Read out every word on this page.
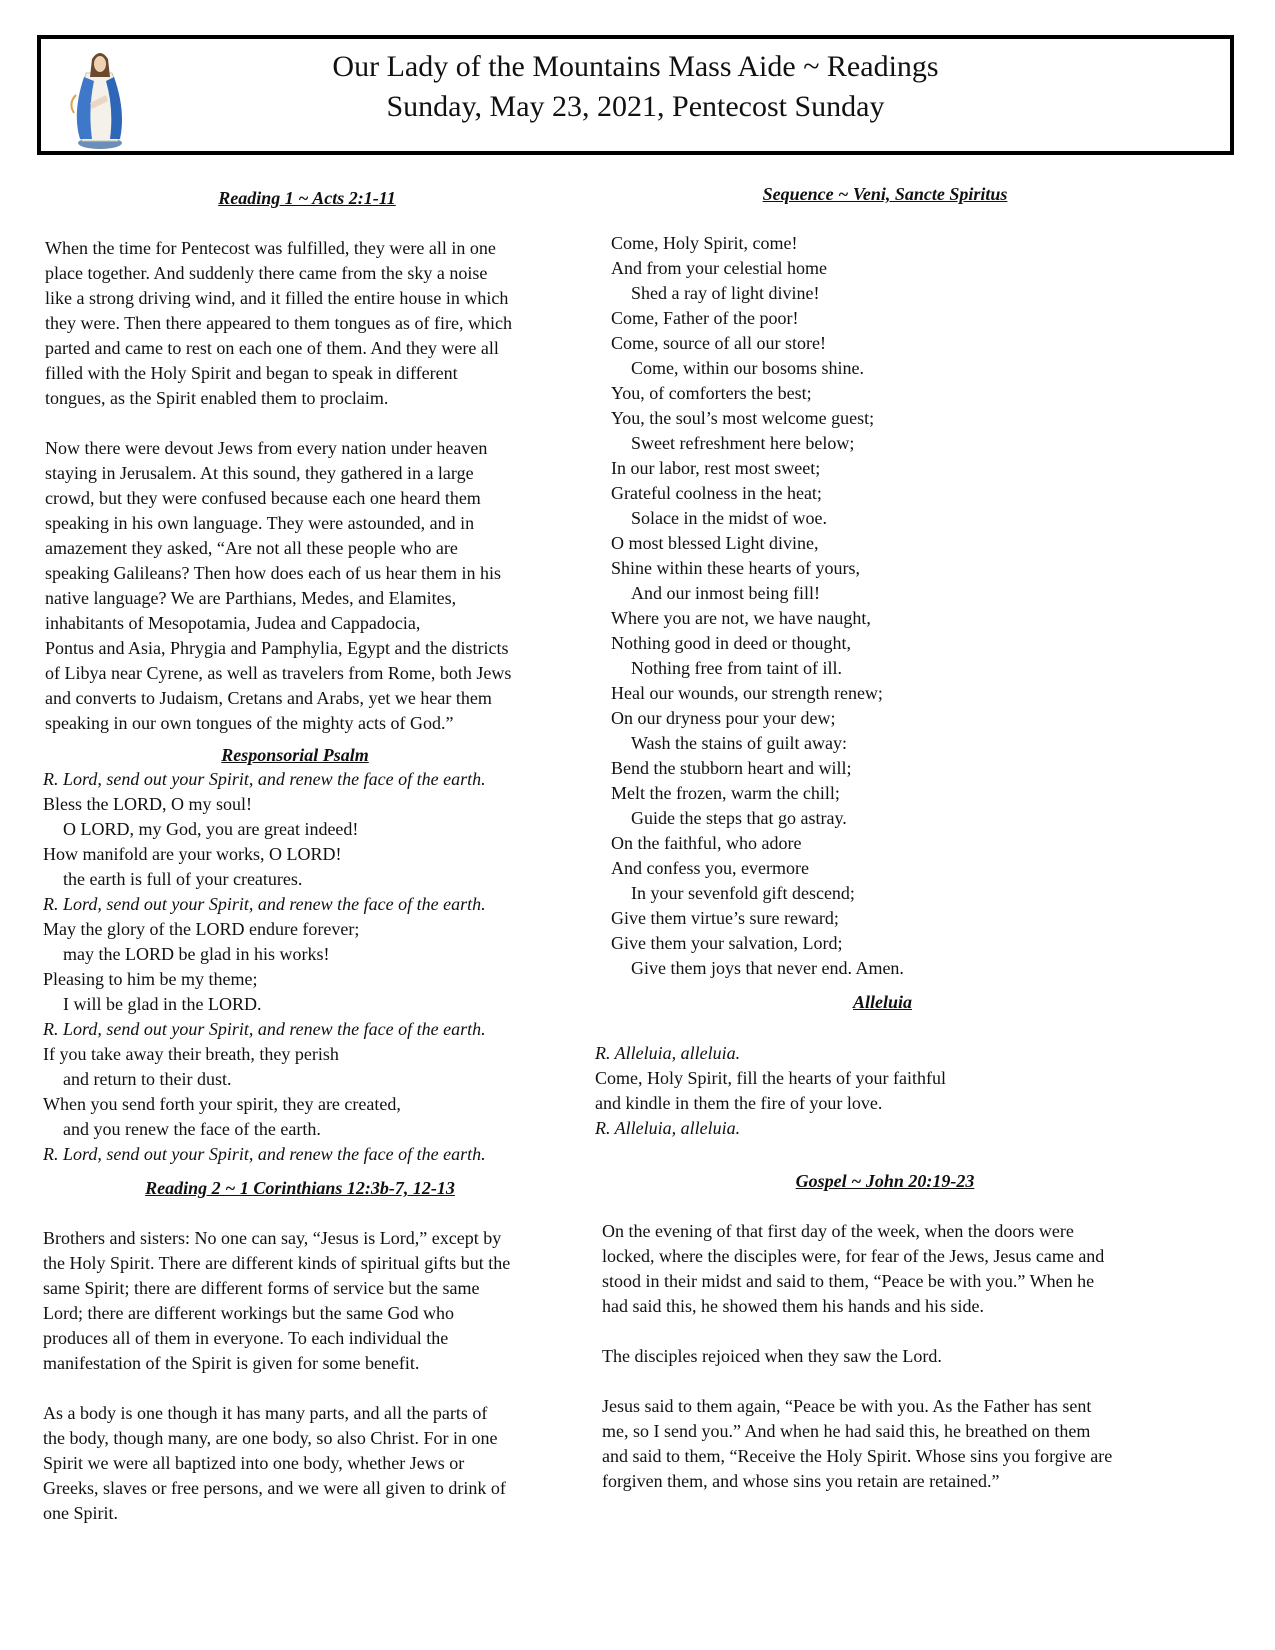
Our Lady of the Mountains Mass Aide ~ Readings
Sunday, May 23, 2021, Pentecost Sunday
Reading 1 ~ Acts 2:1-11
When the time for Pentecost was fulfilled, they were all in one
place together. And suddenly there came from the sky a noise
like a strong driving wind, and it filled the entire house in which
they were. Then there appeared to them tongues as of fire, which
parted and came to rest on each one of them. And they were all
filled with the Holy Spirit and began to speak in different
tongues, as the Spirit enabled them to proclaim.
Now there were devout Jews from every nation under heaven
staying in Jerusalem. At this sound, they gathered in a large
crowd, but they were confused because each one heard them
speaking in his own language. They were astounded, and in
amazement they asked, “Are not all these people who are
speaking Galileans? Then how does each of us hear them in his
native language? We are Parthians, Medes, and Elamites,
inhabitants of Mesopotamia, Judea and Cappadocia,
Pontus and Asia, Phrygia and Pamphylia, Egypt and the districts
of Libya near Cyrene, as well as travelers from Rome, both Jews
and converts to Judaism, Cretans and Arabs, yet we hear them
speaking in our own tongues of the mighty acts of God.”
Responsorial Psalm
R. Lord, send out your Spirit, and renew the face of the earth.
Bless the LORD, O my soul!
O LORD, my God, you are great indeed!
How manifold are your works, O LORD!
the earth is full of your creatures.
R. Lord, send out your Spirit, and renew the face of the earth.
May the glory of the LORD endure forever;
may the LORD be glad in his works!
Pleasing to him be my theme;
I will be glad in the LORD.
R. Lord, send out your Spirit, and renew the face of the earth.
If you take away their breath, they perish
and return to their dust.
When you send forth your spirit, they are created,
and you renew the face of the earth.
R. Lord, send out your Spirit, and renew the face of the earth.
Reading 2 ~ 1 Corinthians 12:3b-7, 12-13
Brothers and sisters: No one can say, “Jesus is Lord,” except by
the Holy Spirit. There are different kinds of spiritual gifts but the
same Spirit; there are different forms of service but the same
Lord; there are different workings but the same God who
produces all of them in everyone. To each individual the
manifestation of the Spirit is given for some benefit.
As a body is one though it has many parts, and all the parts of
the body, though many, are one body, so also Christ. For in one
Spirit we were all baptized into one body, whether Jews or
Greeks, slaves or free persons, and we were all given to drink of
one Spirit.
Sequence ~ Veni, Sancte Spiritus
Come, Holy Spirit, come!
And from your celestial home
Shed a ray of light divine!
Come, Father of the poor!
Come, source of all our store!
Come, within our bosoms shine.
You, of comforters the best;
You, the soul’s most welcome guest;
Sweet refreshment here below;
In our labor, rest most sweet;
Grateful coolness in the heat;
Solace in the midst of woe.
O most blessed Light divine,
Shine within these hearts of yours,
And our inmost being fill!
Where you are not, we have naught,
Nothing good in deed or thought,
Nothing free from taint of ill.
Heal our wounds, our strength renew;
On our dryness pour your dew;
Wash the stains of guilt away:
Bend the stubborn heart and will;
Melt the frozen, warm the chill;
Guide the steps that go astray.
On the faithful, who adore
And confess you, evermore
In your sevenfold gift descend;
Give them virtue’s sure reward;
Give them your salvation, Lord;
Give them joys that never end. Amen.
Alleluia
R. Alleluia, alleluia.
Come, Holy Spirit, fill the hearts of your faithful
and kindle in them the fire of your love.
R. Alleluia, alleluia.
Gospel ~ John 20:19-23
On the evening of that first day of the week, when the doors were
locked, where the disciples were, for fear of the Jews, Jesus came and
stood in their midst and said to them, “Peace be with you.” When he
had said this, he showed them his hands and his side.
The disciples rejoiced when they saw the Lord.
Jesus said to them again, “Peace be with you. As the Father has sent
me, so I send you.” And when he had said this, he breathed on them
and said to them, “Receive the Holy Spirit. Whose sins you forgive are
forgiven them, and whose sins you retain are retained.”
